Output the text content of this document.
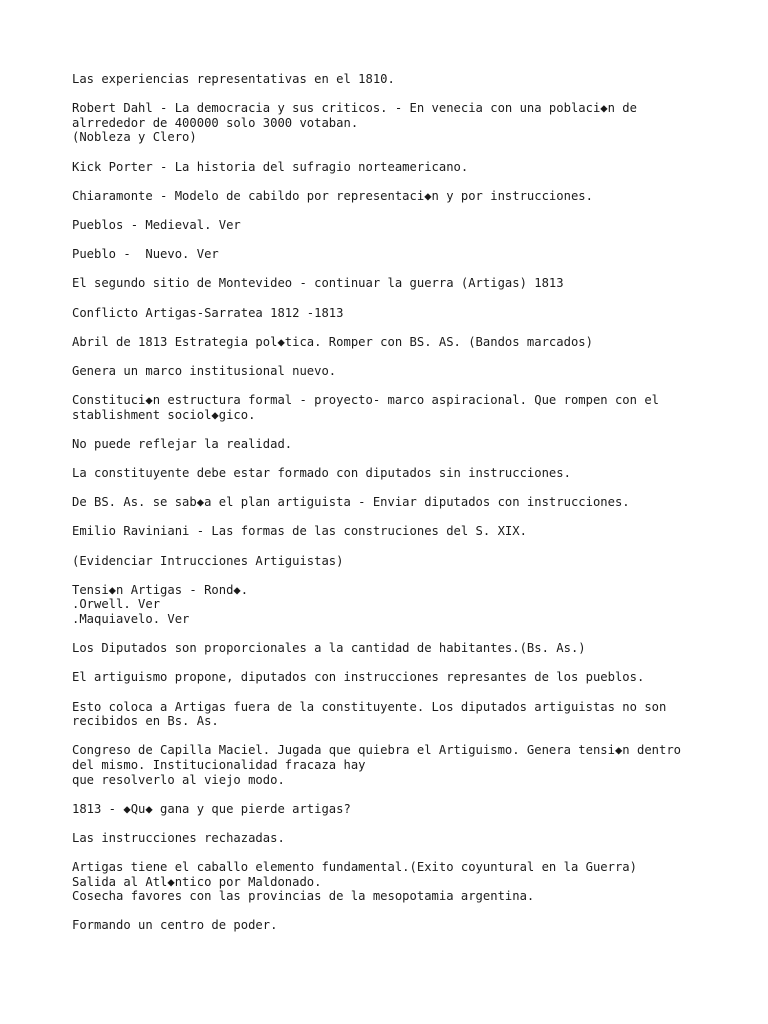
Las experiencias representativas en el 1810.
Robert Dahl - La democracia y sus criticos. - En venecia con una poblaci◆n de
alrrededor de 400000 solo 3000 votaban.
(Nobleza y Clero)
Kick Porter - La historia del sufragio norteamericano.
Chiaramonte - Modelo de cabildo por representaci◆n y por instrucciones.
Pueblos - Medieval. Ver
Pueblo -  Nuevo. Ver
El segundo sitio de Montevideo - continuar la guerra (Artigas) 1813
Conflicto Artigas-Sarratea 1812 -1813
Abril de 1813 Estrategia pol◆tica. Romper con BS. AS. (Bandos marcados)
Genera un marco institusional nuevo.
Constituci◆n estructura formal - proyecto- marco aspiracional. Que rompen con el
stablishment sociol◆gico.
No puede reflejar la realidad.
La constituyente debe estar formado con diputados sin instrucciones.
De BS. As. se sab◆a el plan artiguista - Enviar diputados con instrucciones.
Emilio Raviniani - Las formas de las construciones del S. XIX.
(Evidenciar Intrucciones Artiguistas)
Tensi◆n Artigas - Rond◆.
.Orwell. Ver
.Maquiavelo. Ver
Los Diputados son proporcionales a la cantidad de habitantes.(Bs. As.)
El artiguismo propone, diputados con instrucciones represantes de los pueblos.
Esto coloca a Artigas fuera de la constituyente. Los diputados artiguistas no son
recibidos en Bs. As.
Congreso de Capilla Maciel. Jugada que quiebra el Artiguismo. Genera tensi◆n dentro
del mismo. Institucionalidad fracaza hay
que resolverlo al viejo modo.
1813 - ◆Qu◆ gana y que pierde artigas?
Las instrucciones rechazadas.
Artigas tiene el caballo elemento fundamental.(Exito coyuntural en la Guerra)
Salida al Atl◆ntico por Maldonado.
Cosecha favores con las provincias de la mesopotamia argentina.
Formando un centro de poder.
